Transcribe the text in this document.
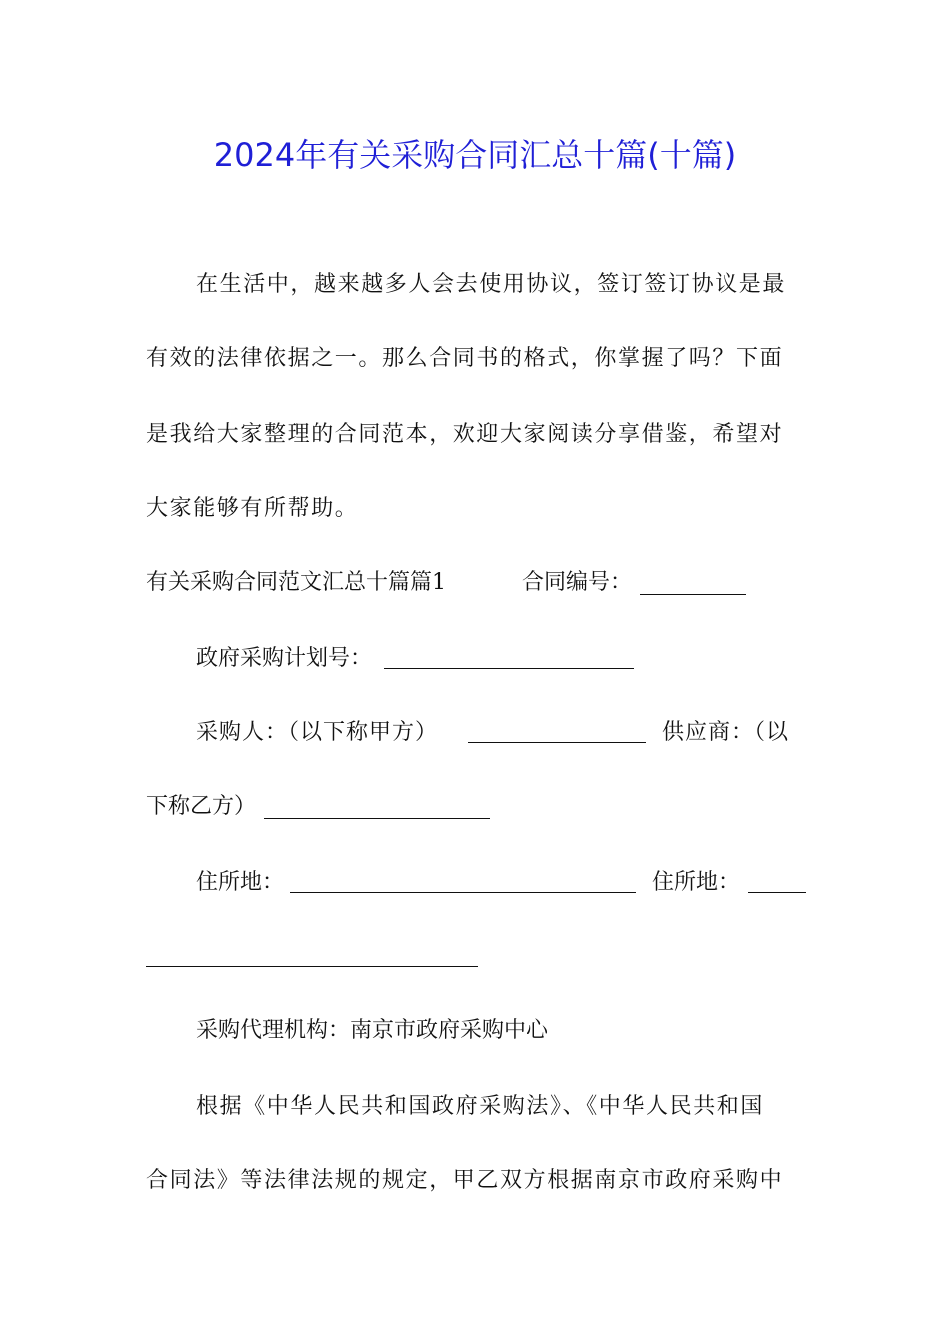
2024年有关采购合同汇总十篇(十篇)
在生活中，越来越多人会去使用协议，签订签订协议是最
有效的法律依据之一。那么合同书的格式，你掌握了吗？下面
是我给大家整理的合同范本，欢迎大家阅读分享借鉴，希望对
大家能够有所帮助。
有关采购合同范文汇总十篇篇1	合同编号：
政府采购计划号：
采购人：（以下称甲方）	供应商：（以
下称乙方）
住所地：	住所地：
采购代理机构：南京市政府采购中心
根据《中华人民共和国政府采购法》、《中华人民共和国
合同法》等法律法规的规定，甲乙双方根据南京市政府采购中
